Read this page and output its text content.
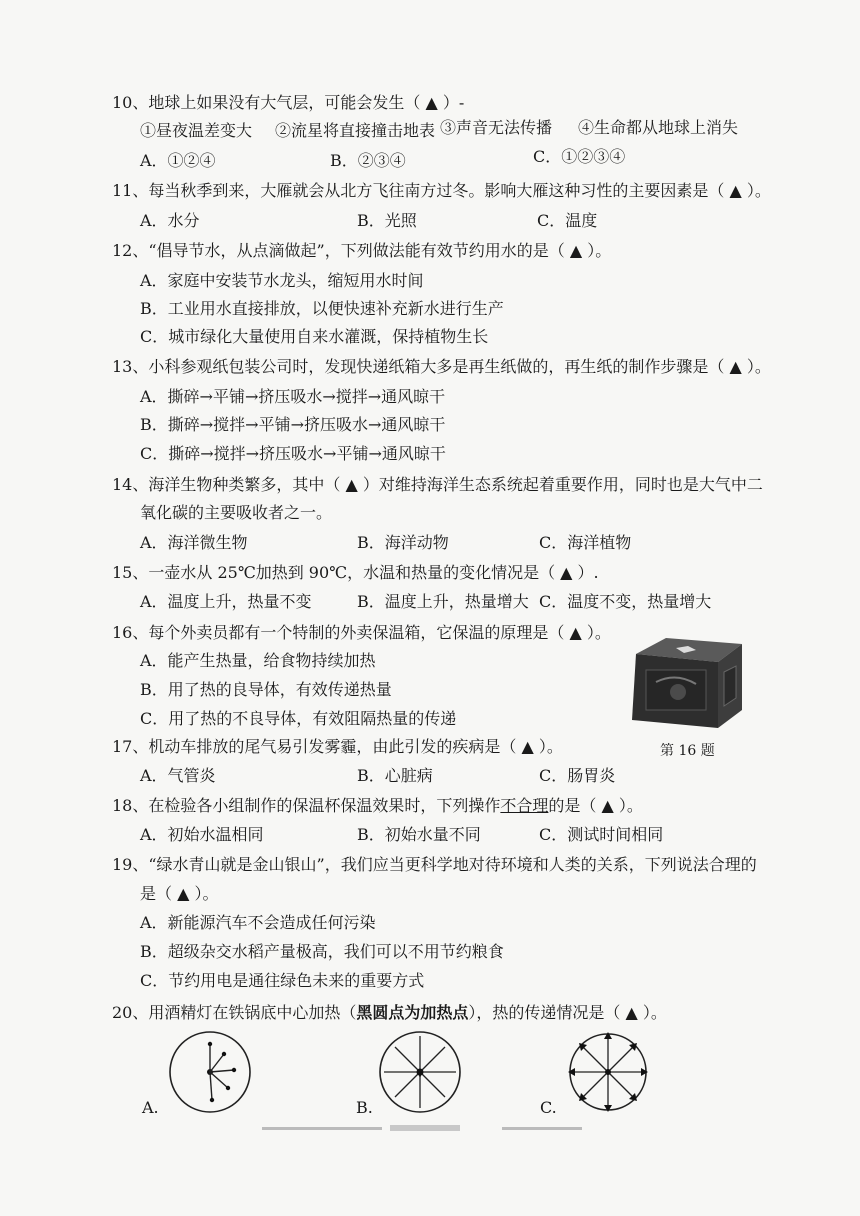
10、地球上如果没有大气层，可能会发生（ ▲ ）-
①昼夜温差变大 ②流星将直接撞击地表 ③声音无法传播 ④生命都从地球上消失
A．①②④	B．②③④	C．①②③④
11、每当秋季到来，大雁就会从北方飞往南方过冬。影响大雁这种习性的主要因素是（ ▲ ）。
A．水分	B．光照	C．温度
12、“倡导节水，从点滴做起”，下列做法能有效节约用水的是（ ▲ ）。
A．家庭中安装节水龙头，缩短用水时间
B．工业用水直接排放，以便快速补充新水进行生产
C．城市绿化大量使用自来水灌溉，保持植物生长
13、小科参观纸包装公司时，发现快递纸箱大多是再生纸做的，再生纸的制作步骤是（ ▲ ）。
A．撕碎→平铺→挤压吸水→搅拌→通风晾干
B．撕碎→搅拌→平铺→挤压吸水→通风晾干
C．撕碎→搅拌→挤压吸水→平铺→通风晾干
14、海洋生物种类繁多，其中（ ▲ ）对维持海洋生态系统起着重要作用，同时也是大气中二
氧化碳的主要吸收者之一。
A．海洋微生物	B．海洋动物	C．海洋植物
15、一壶水从 25℃加热到 90℃，水温和热量的变化情况是（ ▲ ）.
A．温度上升，热量不变	B．温度上升，热量增大 C．温度不变，热量增大
16、每个外卖员都有一个特制的外卖保温箱，它保温的原理是（ ▲ ）。
A．能产生热量，给食物持续加热
B．用了热的良导体，有效传递热量
C．用了热的不良导体，有效阻隔热量的传递
第 16 题
17、机动车排放的尾气易引发雾霾，由此引发的疾病是（ ▲ ）。
A．气管炎	B．心脏病	C．肠胃炎
18、在检验各小组制作的保温杯保温效果时，下列操作不合理的是（ ▲ ）。
A．初始水温相同	B．初始水量不同	C．测试时间相同
19、“绿水青山就是金山银山”，我们应当更科学地对待环境和人类的关系，下列说法合理的
是（ ▲ ）。
A．新能源汽车不会造成任何污染
B．超级杂交水稻产量极高，我们可以不用节约粮食
C．节约用电是通往绿色未来的重要方式
20、用酒精灯在铁锅底中心加热（黑圆点为加热点），热的传递情况是（ ▲ ）。
A.	B.	C.
